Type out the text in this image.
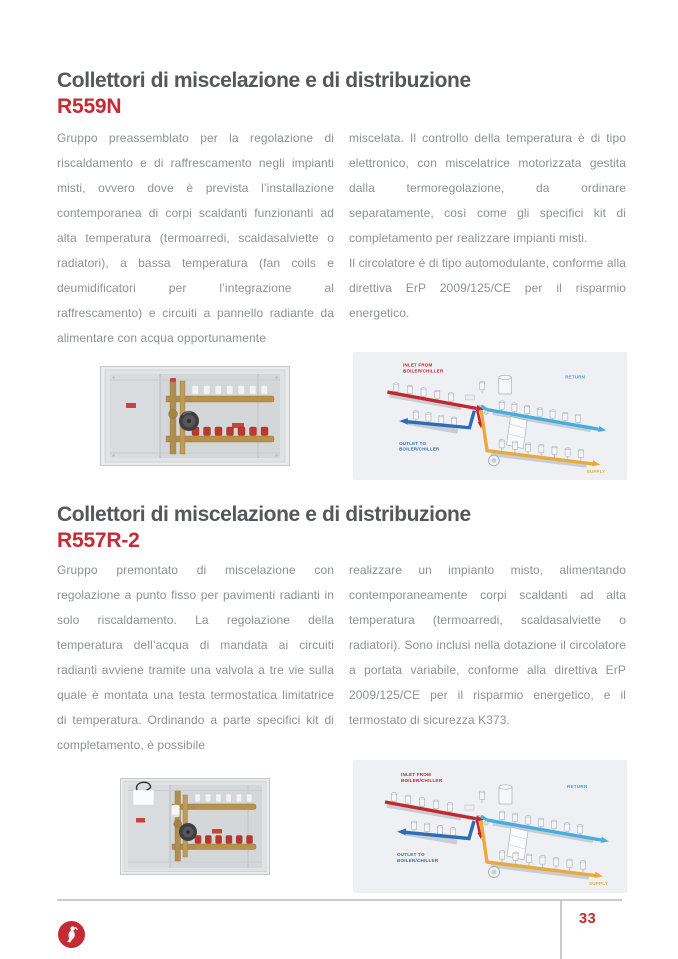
Collettori di miscelazione e di distribuzione
R559N

Gruppo preassemblato per la regolazione di riscaldamento e di raffrescamento negli impianti misti, ovvero dove è prevista l’installazione contemporanea di corpi scaldanti funzionanti ad alta temperatura (termoarredi, scaldasalviette o radiatori), a bassa temperatura (fan coils e deumidificatori per l’integrazione al raffrescamento) e circuiti a pannello radiante da alimentare con acqua opportunamente

miscelata. Il controllo della temperatura è di tipo elettronico, con miscelatrice motorizzata gestita dalla termoregolazione, da ordinare separatamente, così come gli specifici kit di completamento per realizzare impianti misti.

Il circolatore è di tipo automodulante, conforme alla direttiva ErP 2009/125/CE per il risparmio energetico.

INLET FROM
BOILER/CHILLER
RETURN
OUTLET TO
BOILER/CHILLER
SUPPLY
Collettori di miscelazione e di distribuzione
R557R-2

Gruppo premontato di miscelazione con regolazione a punto fisso per pavimenti radianti in solo riscaldamento. La regolazione della temperatura dell’acqua di mandata ai circuiti radianti avviene tramite una valvola a tre vie sulla quale è montata una testa termostatica limitatrice di temperatura. Ordinando a parte specifici kit di completamento, è possibile

realizzare un impianto misto, alimentando contemporaneamente corpi scaldanti ad alta temperatura (termoarredi, scaldasalviette o radiatori). Sono inclusi nella dotazione il circolatore a portata variabile, conforme alla direttiva ErP 2009/125/CE per il risparmio energetico, e il termostato di sicurezza K373.

INLET FROM
BOILER/CHILLER
RETURN
OUTLET TO
BOILER/CHILLER
SUPPLY

33
